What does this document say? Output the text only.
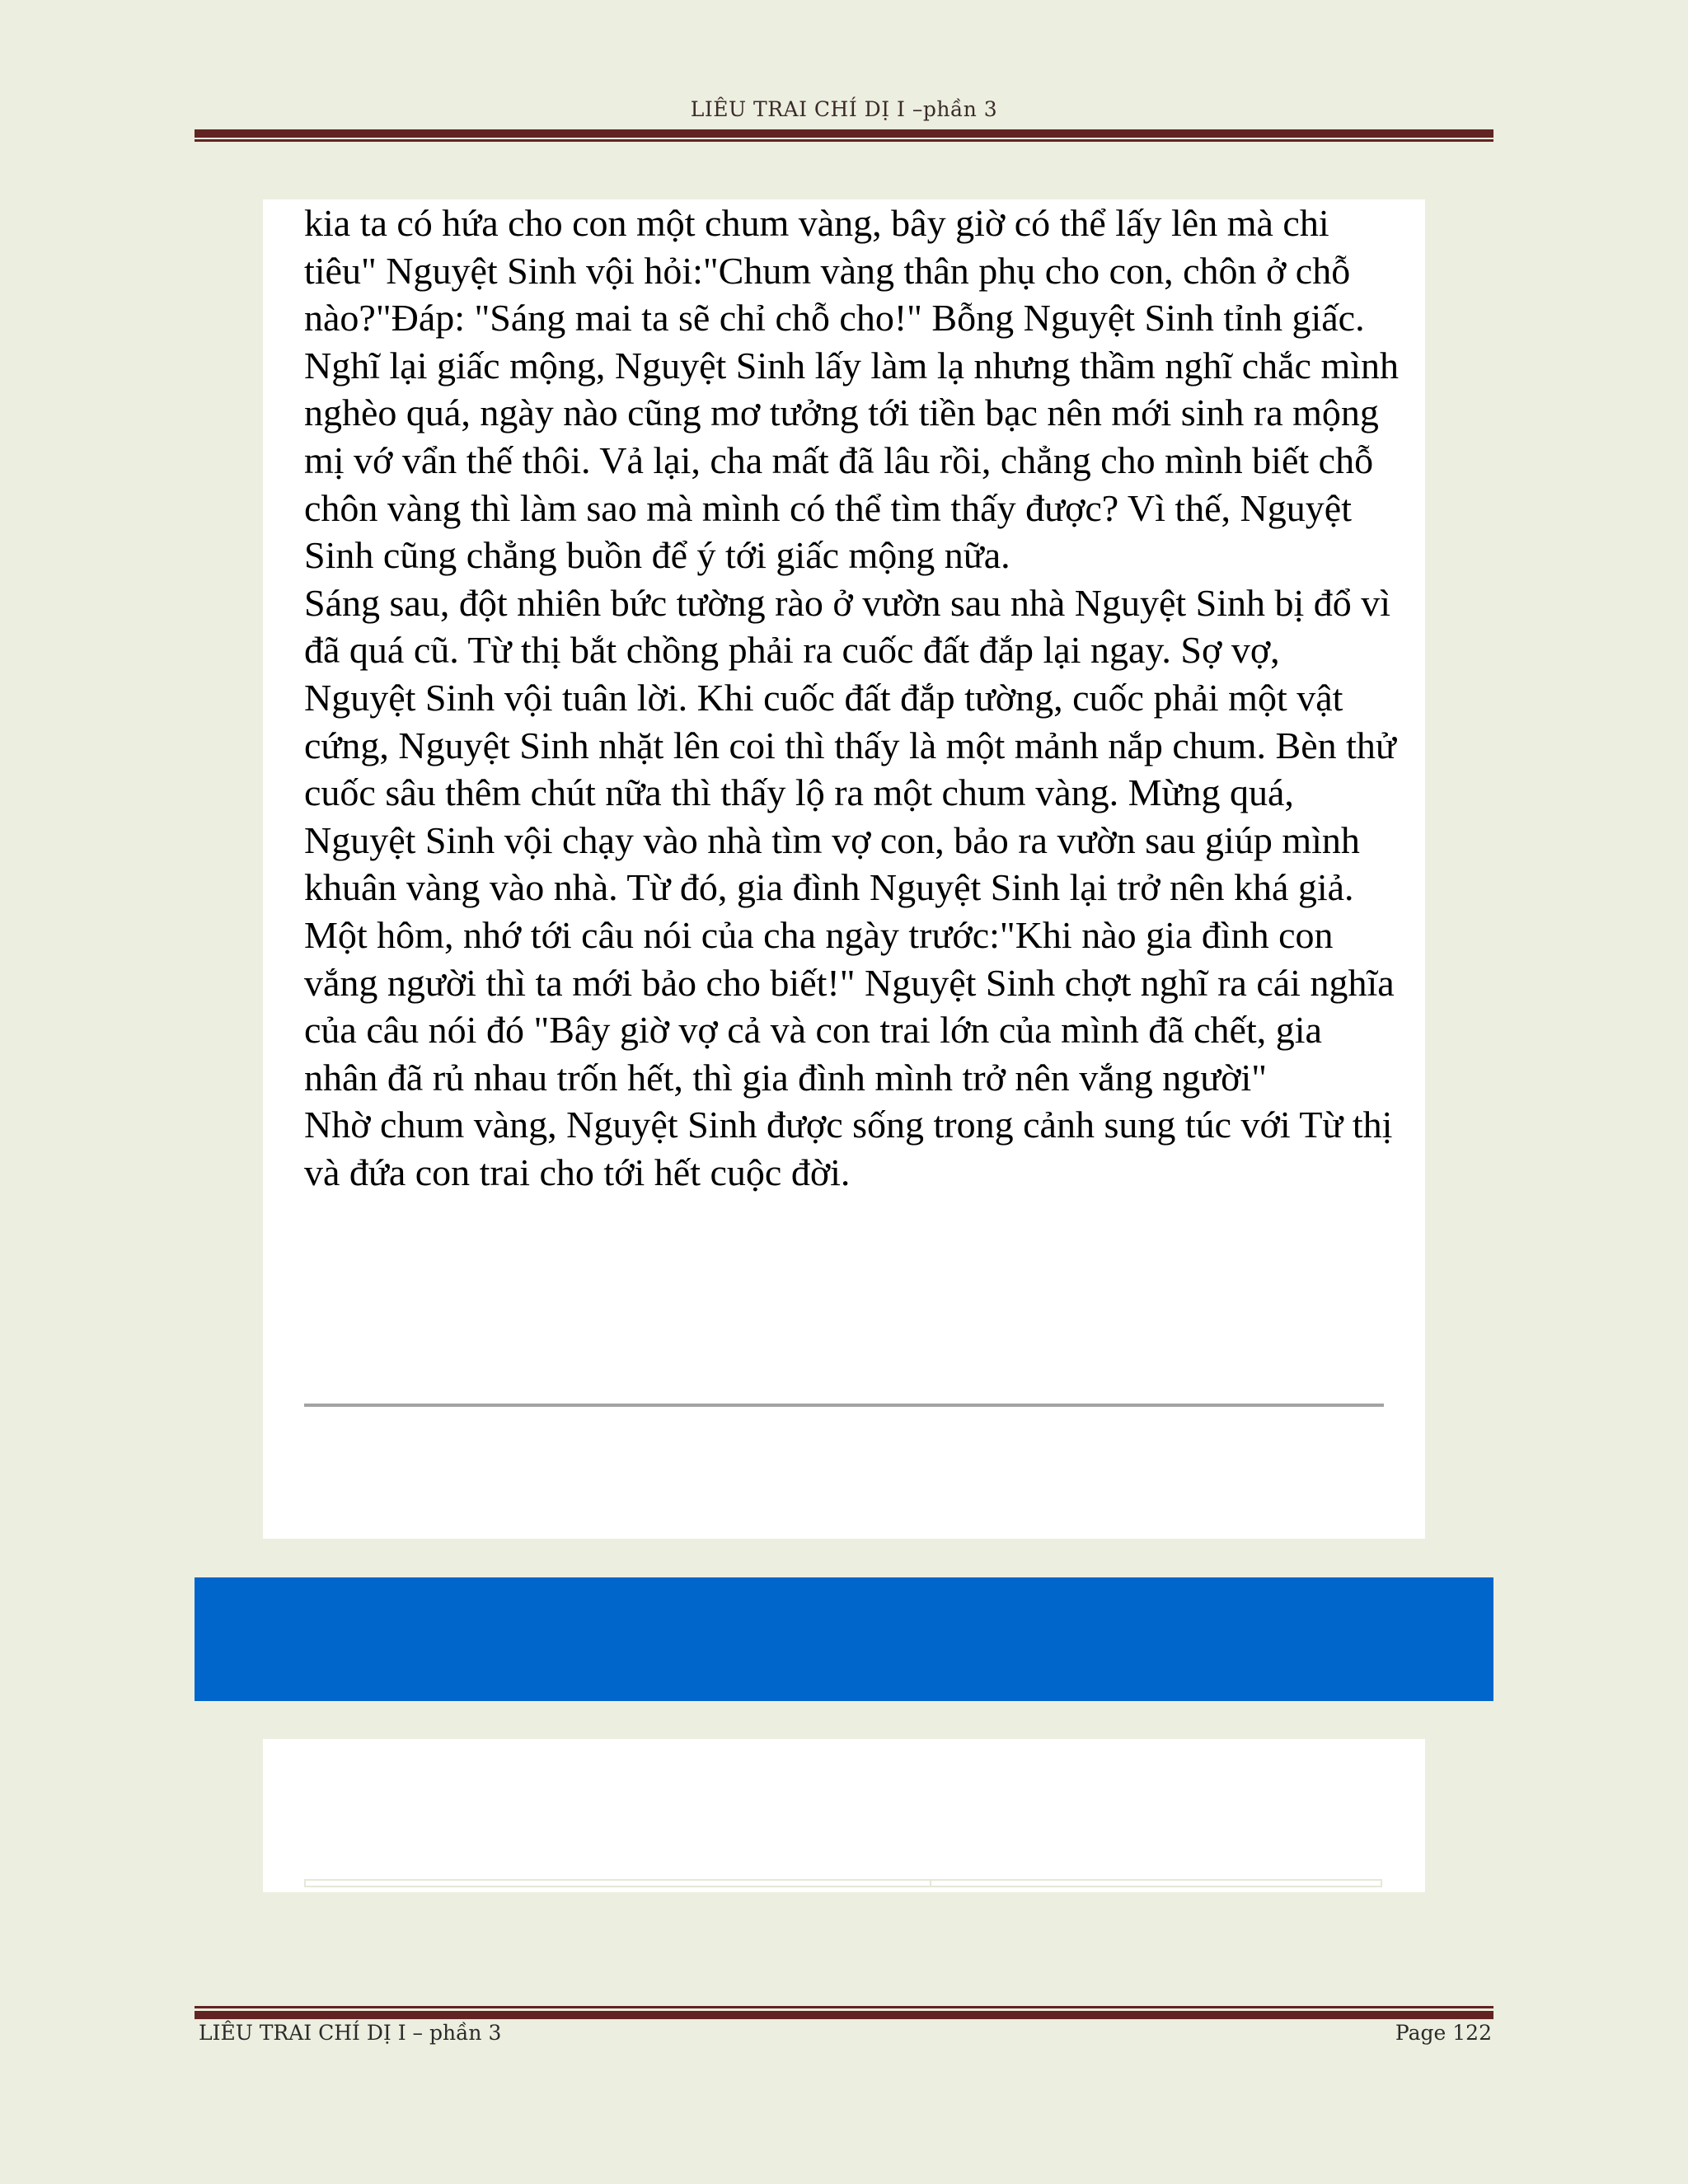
LIÊU TRAI CHÍ DỊ I –phần 3

kia ta có hứa cho con một chum vàng, bây giờ có thể lấy lên mà chi tiêu" Nguyệt Sinh vội hỏi:"Chum vàng thân phụ cho con, chôn ở chỗ nào?"Đáp: "Sáng mai ta sẽ chỉ chỗ cho!" Bỗng Nguyệt Sinh tỉnh giấc. Nghĩ lại giấc mộng, Nguyệt Sinh lấy làm lạ nhưng thầm nghĩ chắc mình nghèo quá, ngày nào cũng mơ tưởng tới tiền bạc nên mới sinh ra mộng mị vớ vẩn thế thôi. Vả lại, cha mất đã lâu rồi, chẳng cho mình biết chỗ chôn vàng thì làm sao mà mình có thể tìm thấy được? Vì thế, Nguyệt Sinh cũng chẳng buồn để ý tới giấc mộng nữa.

Sáng sau, đột nhiên bức tường rào ở vườn sau nhà Nguyệt Sinh bị đổ vì đã quá cũ. Từ thị bắt chồng phải ra cuốc đất đắp lại ngay. Sợ vợ, Nguyệt Sinh vội tuân lời. Khi cuốc đất đắp tường, cuốc phải một vật cứng, Nguyệt Sinh nhặt lên coi thì thấy là một mảnh nắp chum. Bèn thử cuốc sâu thêm chút nữa thì thấy lộ ra một chum vàng. Mừng quá, Nguyệt Sinh vội chạy vào nhà tìm vợ con, bảo ra vườn sau giúp mình khuân vàng vào nhà. Từ đó, gia đình Nguyệt Sinh lại trở nên khá giả.

Một hôm, nhớ tới câu nói của cha ngày trước:"Khi nào gia đình con vắng người thì ta mới bảo cho biết!" Nguyệt Sinh chợt nghĩ ra cái nghĩa của câu nói đó "Bây giờ vợ cả và con trai lớn của mình đã chết, gia nhân đã rủ nhau trốn hết, thì gia đình mình trở nên vắng người"

Nhờ chum vàng, Nguyệt Sinh được sống trong cảnh sung túc với Từ thị và đứa con trai cho tới hết cuộc đời.

LIÊU TRAI CHÍ DỊ I – phần 3	Page 122
